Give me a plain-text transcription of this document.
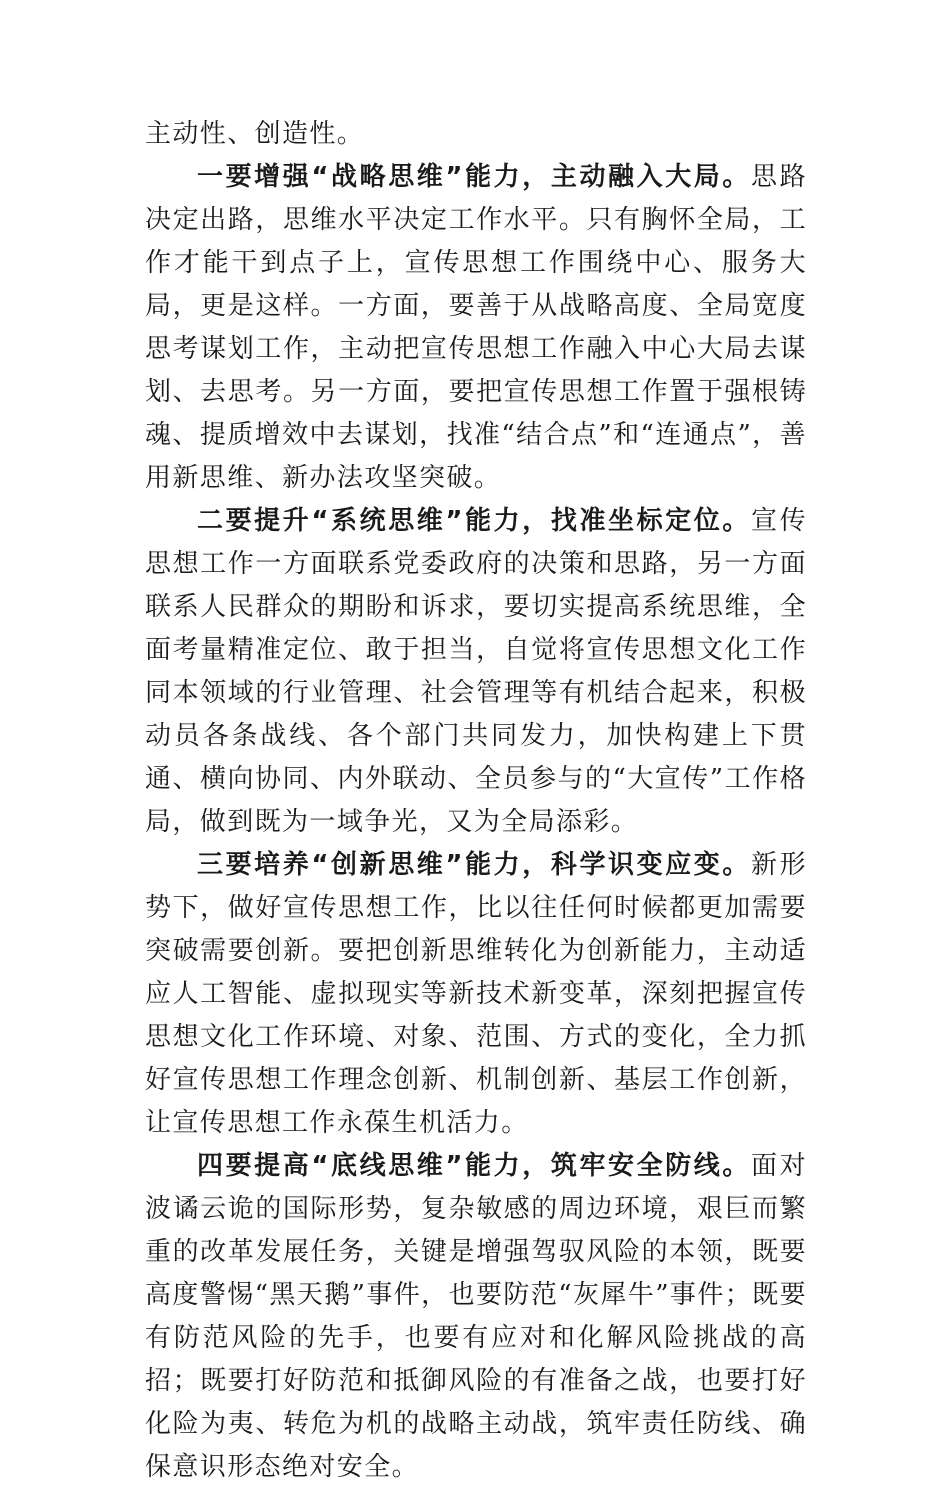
主动性、创造性。

一要增强“战略思维”能力，主动融入大局。思路决定出路，思维水平决定工作水平。只有胸怀全局，工作才能干到点子上，宣传思想工作围绕中心、服务大局，更是这样。一方面，要善于从战略高度、全局宽度思考谋划工作，主动把宣传思想工作融入中心大局去谋划、去思考。另一方面，要把宣传思想工作置于强根铸魂、提质增效中去谋划，找准“结合点”和“连通点”，善用新思维、新办法攻坚突破。

二要提升“系统思维”能力，找准坐标定位。宣传思想工作一方面联系党委政府的决策和思路，另一方面联系人民群众的期盼和诉求，要切实提高系统思维，全面考量精准定位、敢于担当，自觉将宣传思想文化工作同本领域的行业管理、社会管理等有机结合起来，积极动员各条战线、各个部门共同发力，加快构建上下贯通、横向协同、内外联动、全员参与的“大宣传”工作格局，做到既为一域争光，又为全局添彩。

三要培养“创新思维”能力，科学识变应变。新形势下，做好宣传思想工作，比以往任何时候都更加需要突破需要创新。要把创新思维转化为创新能力，主动适应人工智能、虚拟现实等新技术新变革，深刻把握宣传思想文化工作环境、对象、范围、方式的变化，全力抓好宣传思想工作理念创新、机制创新、基层工作创新，让宣传思想工作永葆生机活力。

四要提高“底线思维”能力，筑牢安全防线。面对波谲云诡的国际形势，复杂敏感的周边环境，艰巨而繁重的改革发展任务，关键是增强驾驭风险的本领，既要高度警惕“黑天鹅”事件，也要防范“灰犀牛”事件；既要有防范风险的先手，也要有应对和化解风险挑战的高招；既要打好防范和抵御风险的有准备之战，也要打好化险为夷、转危为机的战略主动战，筑牢责任防线、确保意识形态绝对安全。
